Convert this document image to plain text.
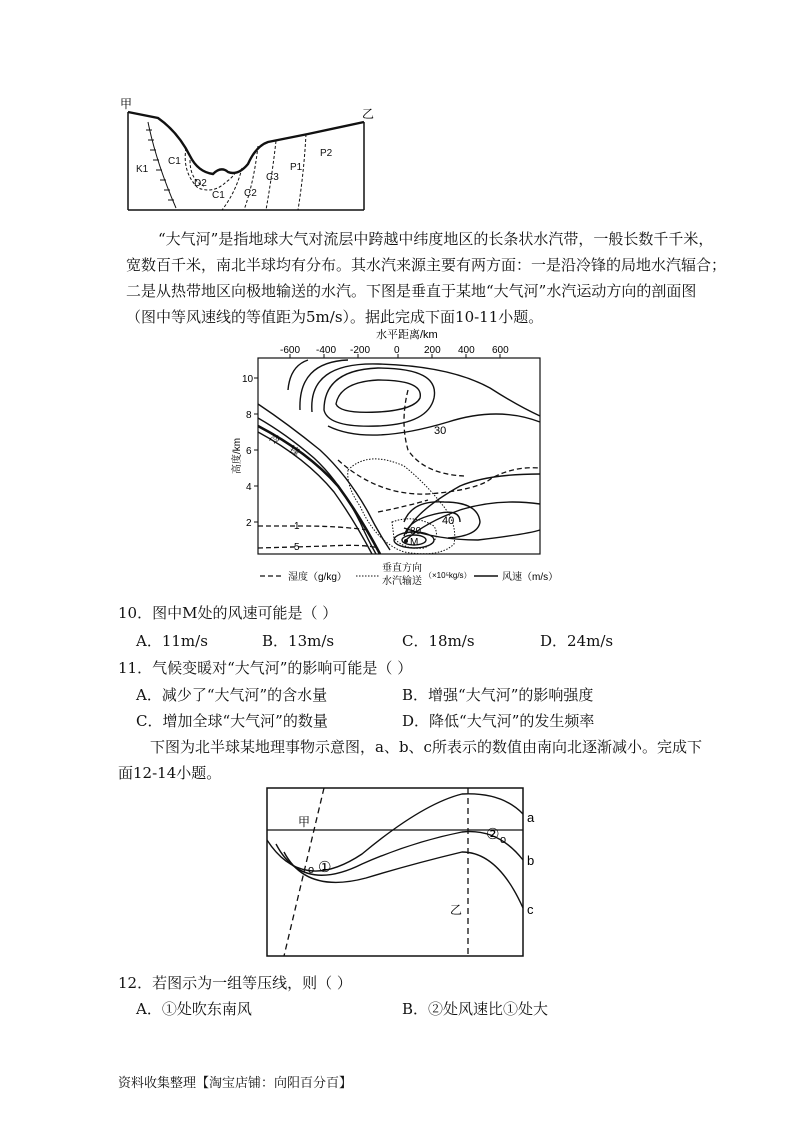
甲
乙
K1
C1
D2
C1 C2
C3
P1
P2
“大气河”是指地球大气对流层中跨越中纬度地区的长条状水汽带，一般长数千千米，
宽数百千米，南北半球均有分布。其水汽来源主要有两方面：一是沿冷锋的局地水汽辐合；
二是从热带地区向极地输送的水汽。下图是垂直于某地“大气河”水汽运动方向的剖面图
（图中等风速线的等值距为5m/s）。据此完成下面10-11小题。
水平距离/km
-600 -400 -200 0 200 400 600
10
8
6
4
2
高度/km
30
40
80
1
5	M
冷
锋
湿度（g/kg）
垂直方向
水汽输送
（×10⁵kg/s）	风速（m/s）
10．图中M处的风速可能是（ ）
A．11m/s	B．13m/s	C．18m/s	D．24m/s
11．气候变暖对“大气河”的影响可能是（ ）
A．减少了“大气河”的含水量	B．增强“大气河”的影响强度
C．增加全球“大气河”的数量	D．降低“大气河”的发生频率
下图为北半球某地理事物示意图，a、b、c所表示的数值由南向北逐渐减小。完成下
面12-14小题。
甲
乙
①
o
② o
a
b
c
12．若图示为一组等压线，则（ ）
A．①处吹东南风	B．②处风速比①处大
资料收集整理【淘宝店铺：向阳百分百】
